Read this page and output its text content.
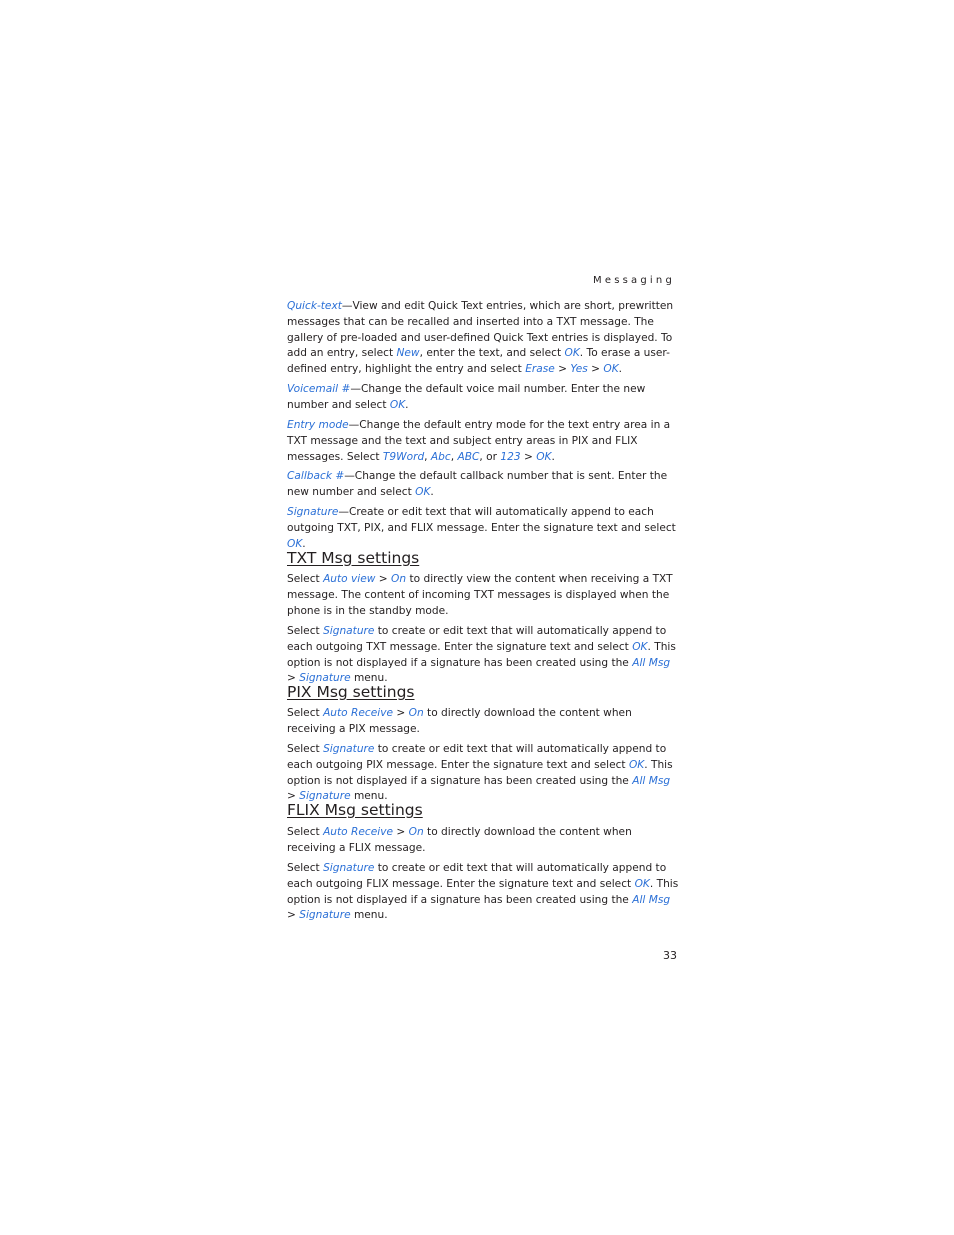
Messaging

Quick-text—View and edit Quick Text entries, which are short, prewritten messages that can be recalled and inserted into a TXT message. The gallery of pre-loaded and user-defined Quick Text entries is displayed. To add an entry, select New, enter the text, and select OK. To erase a user-defined entry, highlight the entry and select Erase > Yes > OK.

Voicemail #—Change the default voice mail number. Enter the new number and select OK.

Entry mode—Change the default entry mode for the text entry area in a TXT message and the text and subject entry areas in PIX and FLIX messages. Select T9Word, Abc, ABC, or 123 > OK.

Callback #—Change the default callback number that is sent. Enter the new number and select OK.

Signature—Create or edit text that will automatically append to each outgoing TXT, PIX, and FLIX message. Enter the signature text and select OK.

TXT Msg settings

Select Auto view > On to directly view the content when receiving a TXT message. The content of incoming TXT messages is displayed when the phone is in the standby mode.

Select Signature to create or edit text that will automatically append to each outgoing TXT message. Enter the signature text and select OK. This option is not displayed if a signature has been created using the All Msg > Signature menu.

PIX Msg settings

Select Auto Receive > On to directly download the content when receiving a PIX message.

Select Signature to create or edit text that will automatically append to each outgoing PIX message. Enter the signature text and select OK. This option is not displayed if a signature has been created using the All Msg > Signature menu.

FLIX Msg settings

Select Auto Receive > On to directly download the content when receiving a FLIX message.

Select Signature to create or edit text that will automatically append to each outgoing FLIX message. Enter the signature text and select OK. This option is not displayed if a signature has been created using the All Msg > Signature menu.

33
